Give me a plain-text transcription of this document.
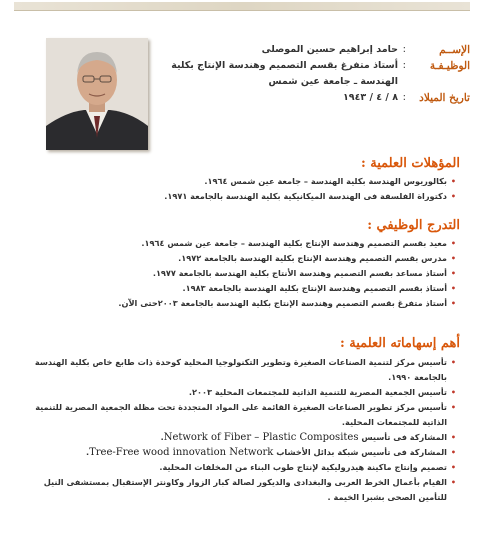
الإســم
:
حامد إبراهيم حسين الموصلى
الوظيـفـة
:
أستاذ متفرغ بقسم التصميم وهندسة الإنتاج بكلية
الهندسة ـ جامعة عين شمس
تاريخ الميلاد
:
٨ / ٤ / ١٩٤٣
المؤهلات العلمية :
•
بكالوريوس الهندسة بكلية الهندسة – جامعة عين شمس ١٩٦٤.
•
دكتوراة الفلسفة فى الهندسة الميكانيكية بكلية الهندسة بالجامعة ١٩٧١.
التدرج الوظيفي :
•
معيد بقسم التصميم وهندسة الإنتاج بكلية الهندسة – جامعة عين شمس ١٩٦٤.
•
مدرس بقسم التصميم وهندسة الإنتاج بكلية الهندسة بالجامعة ١٩٧٢.
•
أستاذ مساعد بقسم التصميم وهندسة الأنتاج بكلية الهندسة بالجامعة ١٩٧٧.
•
أستاذ بقسم التصميم وهندسة الإنتاج بكلية الهندسة بالجامعة ١٩٨٣.
•
أستاذ متفرغ بقسم التصميم وهندسة الإنتاج بكلية الهندسة بالجامعة ٢٠٠٣حتى الآن.
أهم إسهاماته العلمية :
•
تأسيس مركز لتنمية الصناعات الصغيرة وتطوير التكنولوجيا المحلية كوحدة ذات طابع خاص بكلية الهندسة بالجامعة ١٩٩٠.
•
تأسيس الجمعية المصرية للتنمية الذاتية للمجتمعات المحلية ٢٠٠٣.
•
تأسيس مركز تطوير الصناعات الصغيرة القائمة على المواد المتجددة تحت مظلة الجمعية المصرية للتنمية الذاتية للمجتمعات المحلية.
•
المشاركة فى تأسيس Network of Fiber – Plastic Composites.
•
المشاركة فى تأسيس شبكة بدائل الأخشاب Tree-Free wood innovation Network.
•
تصميم وإنتاج ماكينة هيدروليكية لإنتاج طوب البناء من المخلفات المحلية.
•
القيام بأعمال الخرط العربى والبغدادى والديكور لصالة كبار الزوار وكاونتر الإستقبال بمستشفى النيل للتأمين الصحى بشبرا الخيمة .
